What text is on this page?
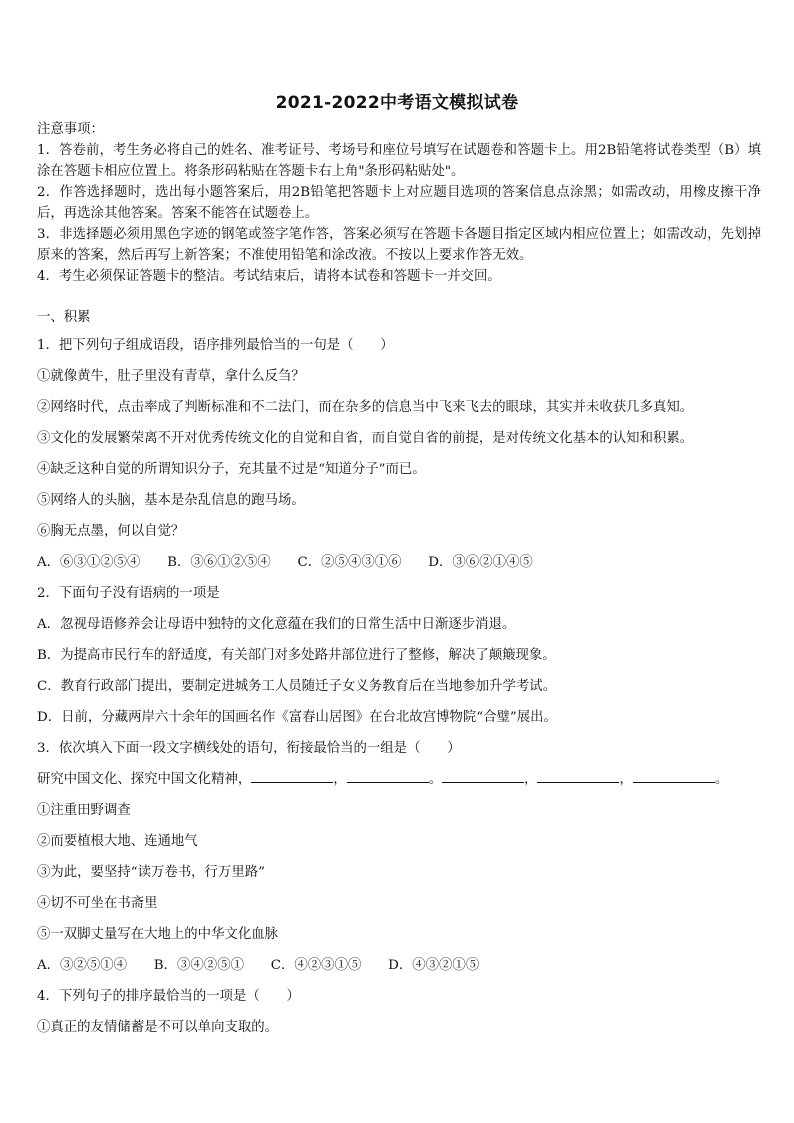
2021-2022中考语文模拟试卷

注意事项：

1．答卷前，考生务必将自己的姓名、准考证号、考场号和座位号填写在试题卷和答题卡上。用2B铅笔将试卷类型（B）填涂在答题卡相应位置上。将条形码粘贴在答题卡右上角"条形码粘贴处"。

2．作答选择题时，选出每小题答案后，用2B铅笔把答题卡上对应题目选项的答案信息点涂黑；如需改动，用橡皮擦干净后，再选涂其他答案。答案不能答在试题卷上。

3．非选择题必须用黑色字迹的钢笔或签字笔作答，答案必须写在答题卡各题目指定区域内相应位置上；如需改动，先划掉原来的答案，然后再写上新答案；不准使用铅笔和涂改液。不按以上要求作答无效。

4．考生必须保证答题卡的整洁。考试结束后，请将本试卷和答题卡一并交回。

一、积累
1．把下列句子组成语段，语序排列最恰当的一句是（　　）
①就像黄牛，肚子里没有青草，拿什么反刍？
②网络时代，点击率成了判断标准和不二法门，而在杂多的信息当中飞来飞去的眼球，其实并未收获几多真知。
③文化的发展繁荣离不开对优秀传统文化的自觉和自省，而自觉自省的前提，是对传统文化基本的认知和积累。
④缺乏这种自觉的所谓知识分子，充其量不过是“知道分子”而已。
⑤网络人的头脑，基本是杂乱信息的跑马场。
⑥胸无点墨，何以自觉？
A．⑥③①②⑤④　　B．③⑥①②⑤④　　C．②⑤④③①⑥　　D．③⑥②①④⑤
2．下面句子没有语病的一项是
A．忽视母语修养会让母语中独特的文化意蕴在我们的日常生活中日渐逐步消退。
B．为提高市民行车的舒适度，有关部门对多处路井部位进行了整修，解决了颠簸现象。
C．教育行政部门提出，要制定进城务工人员随迁子女义务教育后在当地参加升学考试。
D．日前，分藏两岸六十余年的国画名作《富春山居图》在台北故宫博物院“合璧”展出。
3．依次填入下面一段文字横线处的语句，衔接最恰当的一组是（　　）
研究中国文化、探究中国文化精神，	，	。	，	，	。
①注重田野调查
②而要植根大地、连通地气
③为此，要坚持“读万卷书，行万里路”
④切不可坐在书斋里
⑤一双脚丈量写在大地上的中华文化血脉
A．③②⑤①④　　B．③④②⑤①　　C．④②③①⑤　　D．④③②①⑤
4．下列句子的排序最恰当的一项是（　　）
①真正的友情储蓄是不可以单向支取的。
